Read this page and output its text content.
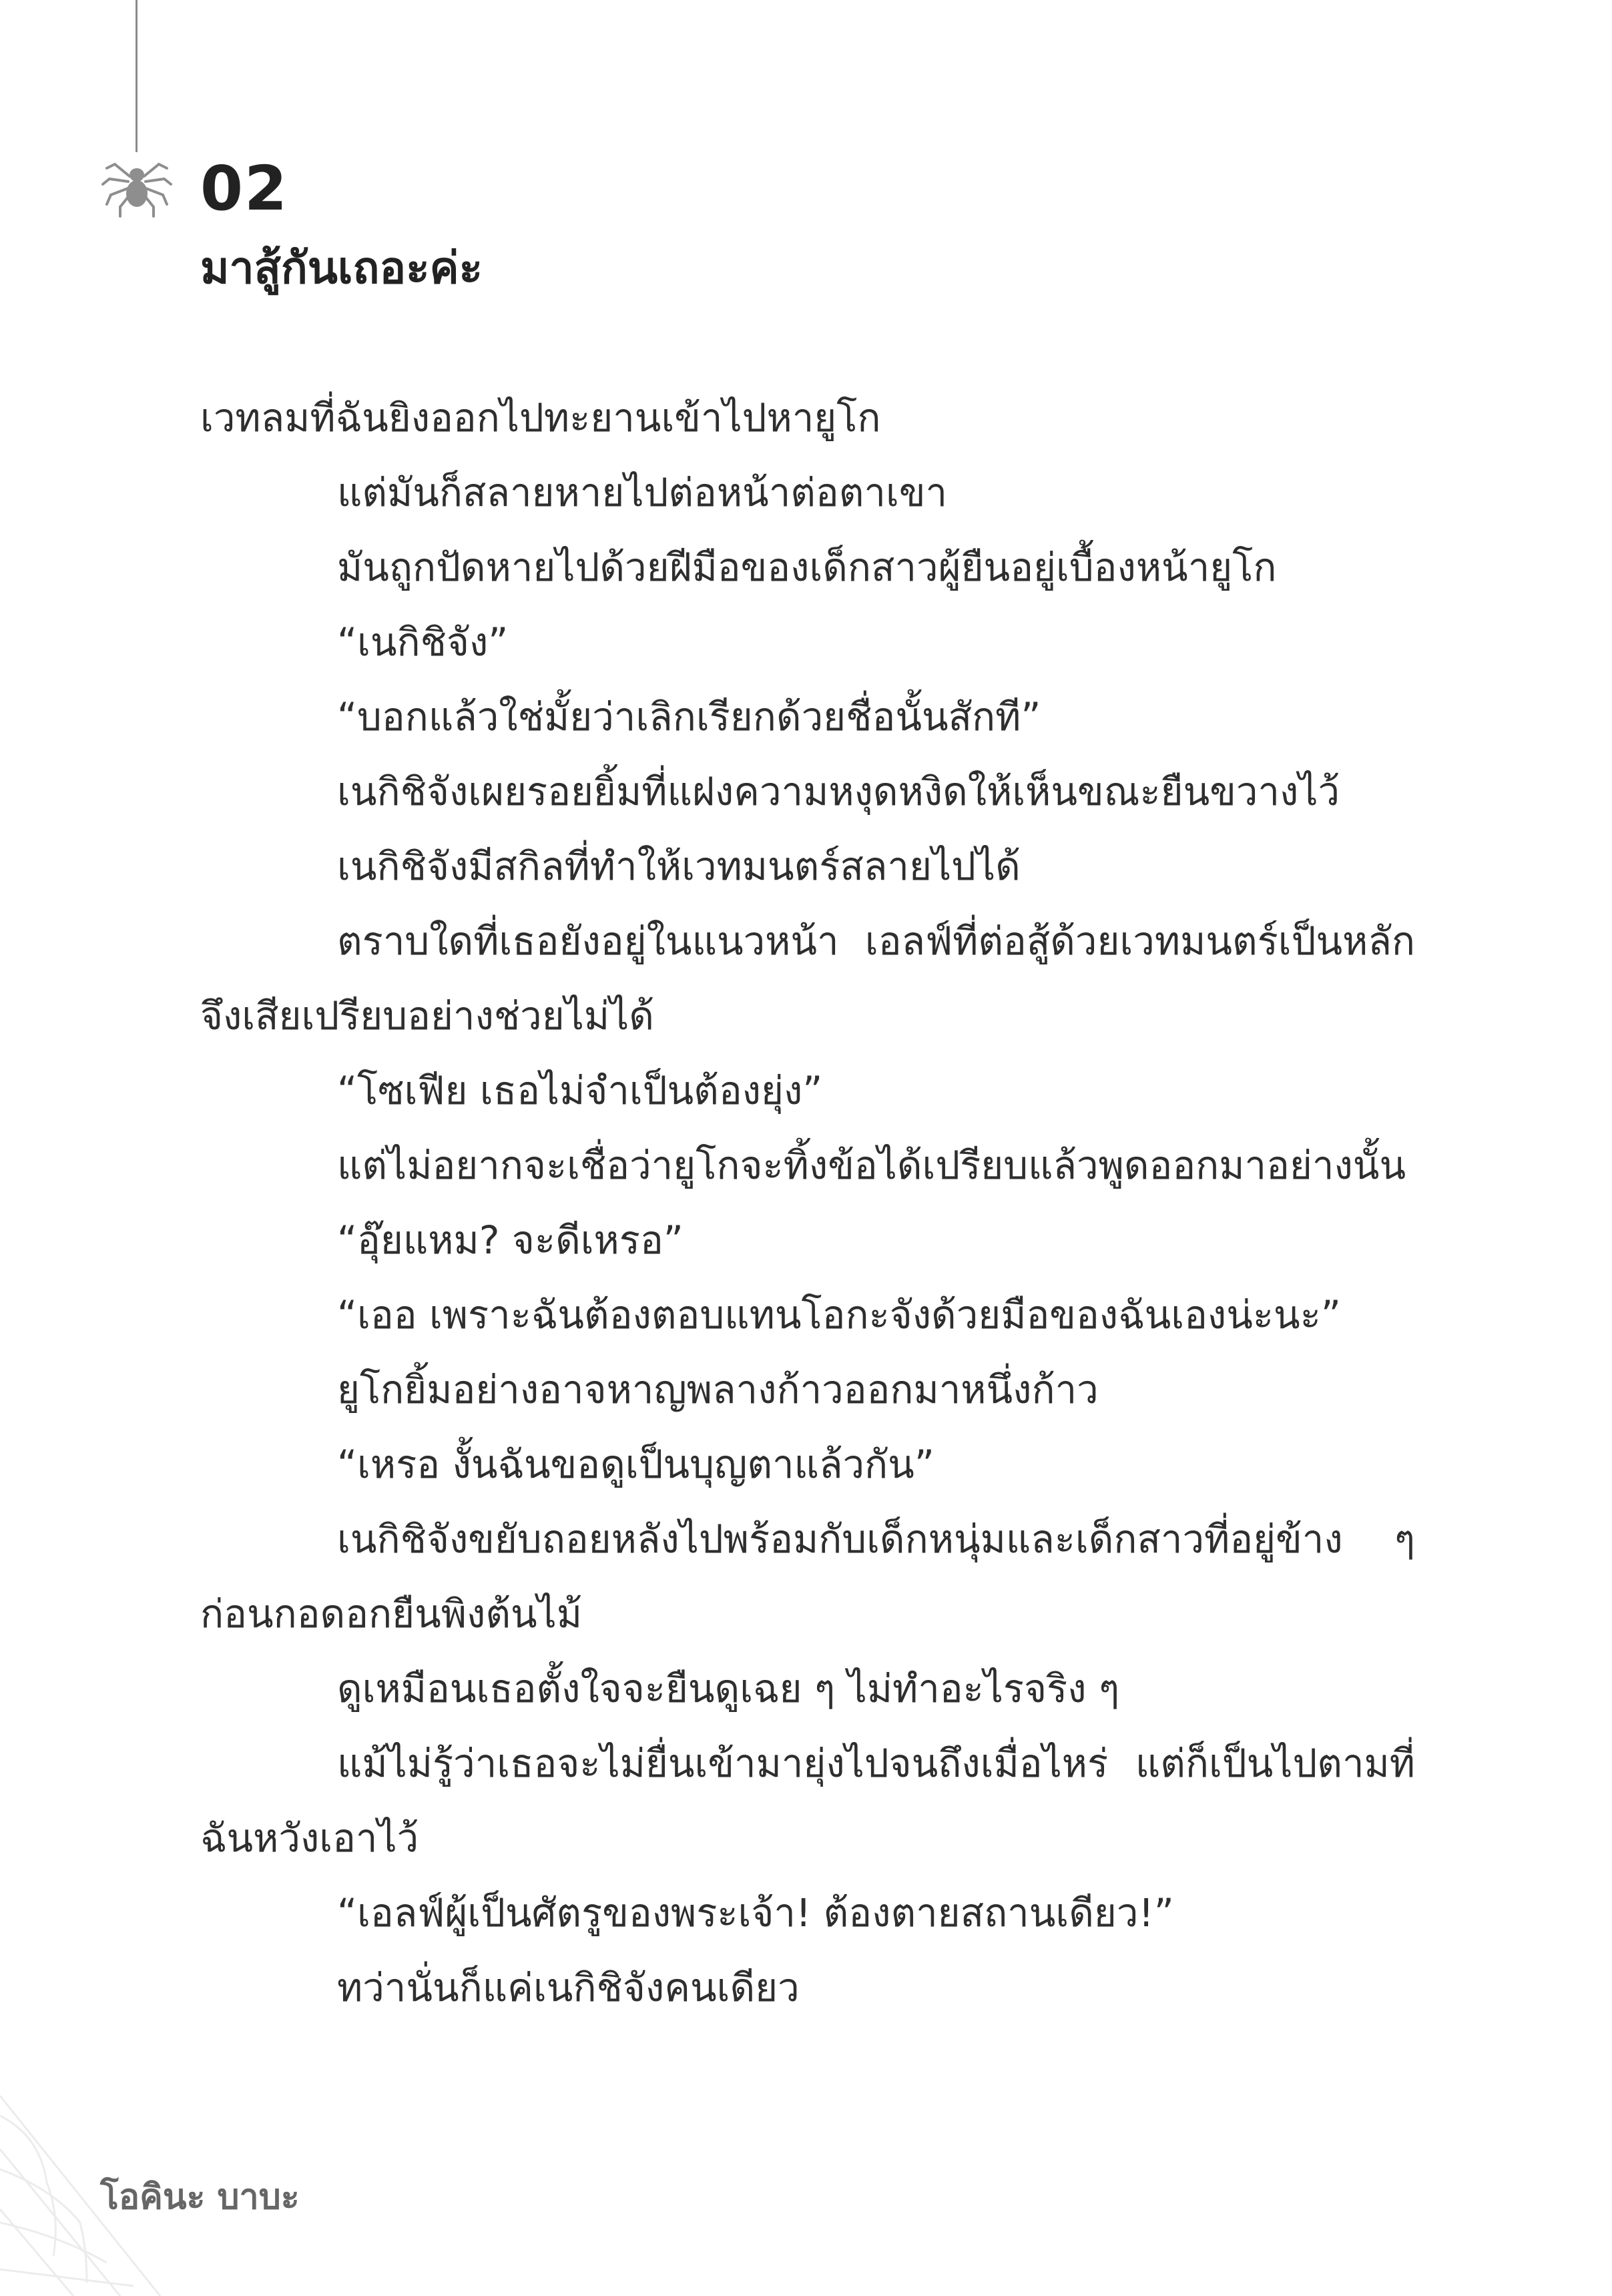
02
มาสู้กันเถอะค่ะ

เวทลมที่ฉันยิงออกไปทะยานเข้าไปหายูโก

แต่มันก็สลายหายไปต่อหน้าต่อตาเขา

มันถูกปัดหายไปด้วยฝีมือของเด็กสาวผู้ยืนอยู่เบื้องหน้ายูโก

“เนกิชิจัง”

“บอกแล้วใช่มั้ยว่าเลิกเรียกด้วยชื่อนั้นสักที”

เนกิชิจังเผยรอยยิ้มที่แฝงความหงุดหงิดให้เห็นขณะยืนขวางไว้

เนกิชิจังมีสกิลที่ทำให้เวทมนตร์สลายไปได้

ตราบใดที่เธอยังอยู่ในแนวหน้า เอลฟ์ที่ต่อสู้ด้วยเวทมนตร์เป็นหลักจึงเสียเปรียบอย่างช่วยไม่ได้

“โซเฟีย เธอไม่จำเป็นต้องยุ่ง”

แต่ไม่อยากจะเชื่อว่ายูโกจะทิ้งข้อได้เปรียบแล้วพูดออกมาอย่างนั้น

“อุ๊ยแหม? จะดีเหรอ”

“เออ เพราะฉันต้องตอบแทนโอกะจังด้วยมือของฉันเองน่ะนะ”

ยูโกยิ้มอย่างอาจหาญพลางก้าวออกมาหนึ่งก้าว

“เหรอ งั้นฉันขอดูเป็นบุญตาแล้วกัน”

เนกิชิจังขยับถอยหลังไปพร้อมกับเด็กหนุ่มและเด็กสาวที่อยู่ข้าง ๆ ก่อนกอดอกยืนพิงต้นไม้

ดูเหมือนเธอตั้งใจจะยืนดูเฉย ๆ ไม่ทำอะไรจริง ๆ

แม้ไม่รู้ว่าเธอจะไม่ยื่นเข้ามายุ่งไปจนถึงเมื่อไหร่ แต่ก็เป็นไปตามที่ฉันหวังเอาไว้

“เอลฟ์ผู้เป็นศัตรูของพระเจ้า! ต้องตายสถานเดียว!”

ทว่านั่นก็แค่เนกิชิจังคนเดียว

โอคินะ บาบะ
